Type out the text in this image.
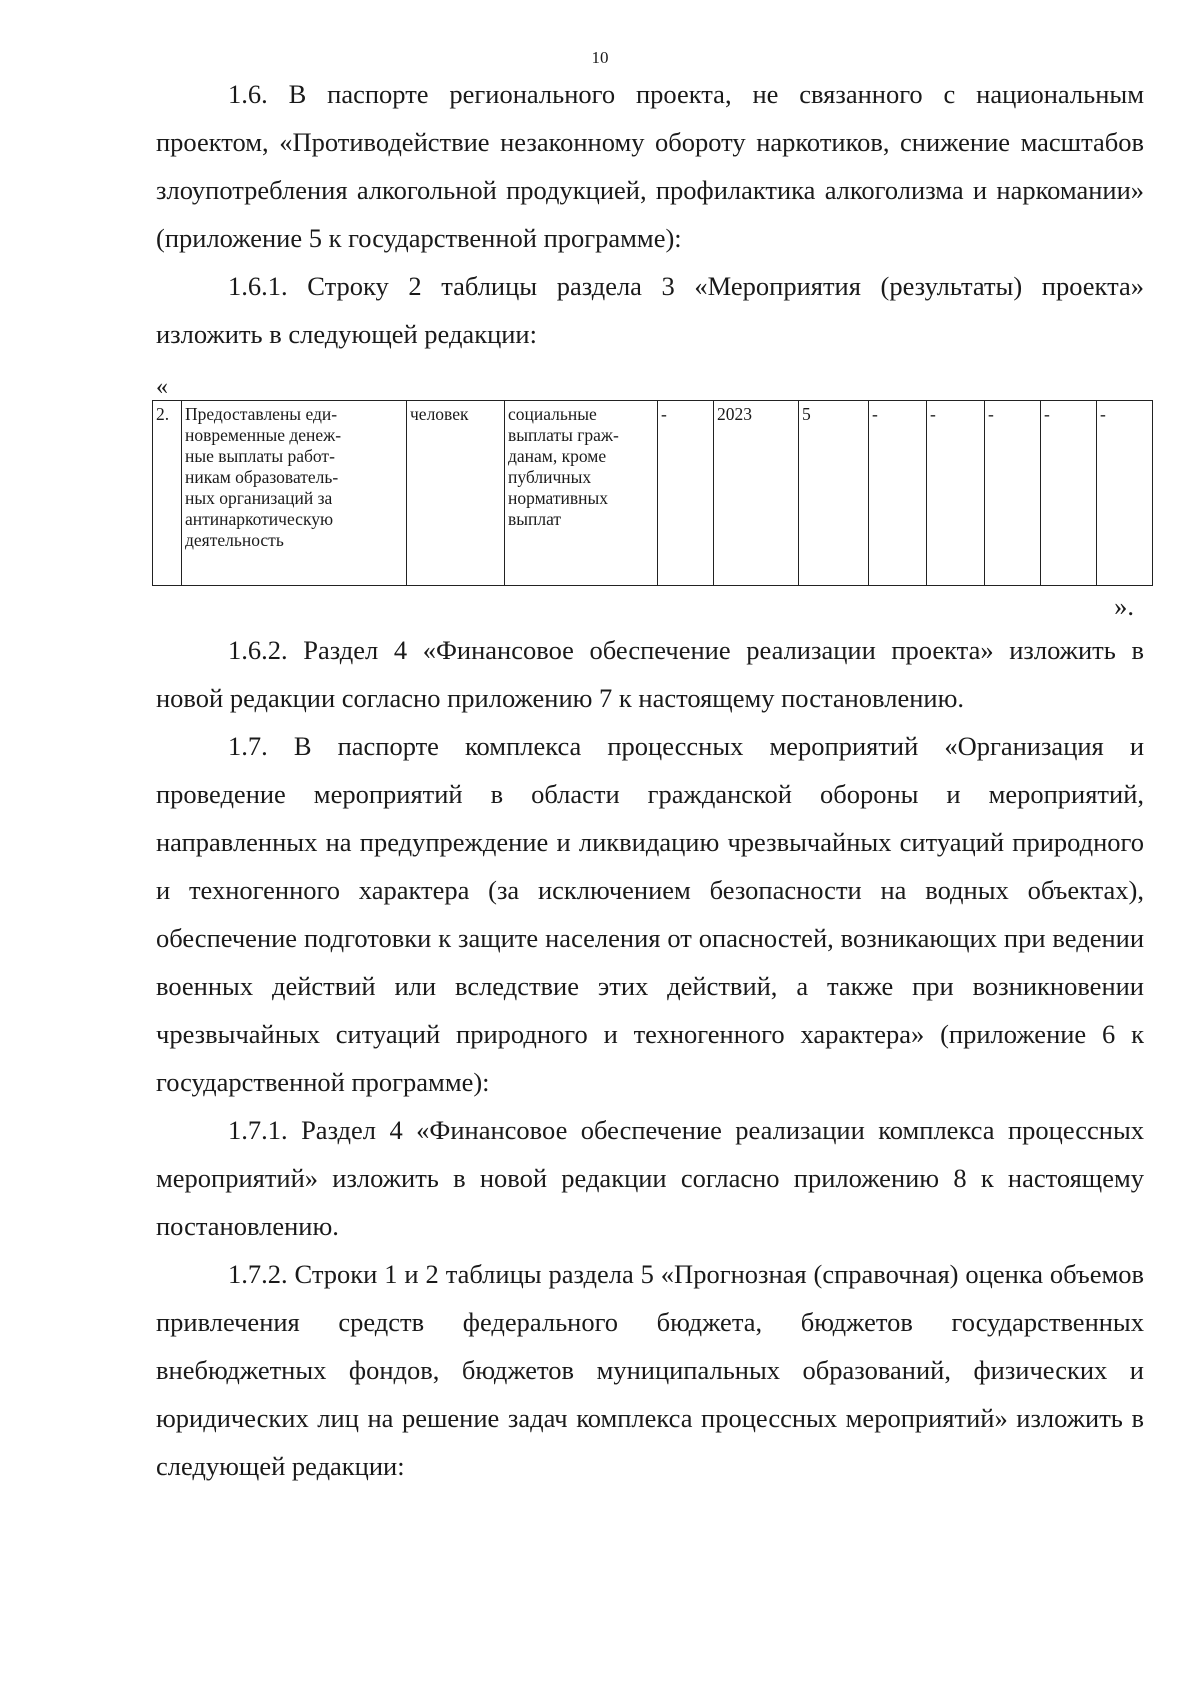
10

1.6. В паспорте регионального проекта, не связанного с национальным проектом, «Противодействие незаконному обороту наркотиков, снижение масштабов злоупотребления алкогольной продукцией, профилактика алкоголизма и наркомании» (приложение 5 к государственной программе):

1.6.1. Строку 2 таблицы раздела 3 «Мероприятия (результаты) проекта» изложить в следующей редакции:

«

2.	Предоставлены еди-
новременные денеж-
ные выплаты работ-
никам образователь-
ных организаций за
антинаркотическую
деятельность	человек	социальные
выплаты граж-
данам, кроме
публичных
нормативных
выплат	-	2023	5	-	-	-	-	-

».

1.6.2. Раздел 4 «Финансовое обеспечение реализации проекта» изложить в новой редакции согласно приложению 7 к настоящему постановлению.

1.7. В паспорте комплекса процессных мероприятий «Организация и проведение мероприятий в области гражданской обороны и мероприятий, направленных на предупреждение и ликвидацию чрезвычайных ситуаций природного и техногенного характера (за исключением безопасности на водных объектах), обеспечение подготовки к защите населения от опасностей, возникающих при ведении военных действий или вследствие этих действий, а также при возникновении чрезвычайных ситуаций природного и техногенного характера» (приложение 6 к государственной программе):

1.7.1. Раздел 4 «Финансовое обеспечение реализации комплекса процессных мероприятий» изложить в новой редакции согласно приложению 8 к настоящему постановлению.

1.7.2. Строки 1 и 2 таблицы раздела 5 «Прогнозная (справочная) оценка объемов привлечения средств федерального бюджета, бюджетов государственных внебюджетных фондов, бюджетов муниципальных образований, физических и юридических лиц на решение задач комплекса процессных мероприятий» изложить в следующей редакции:
